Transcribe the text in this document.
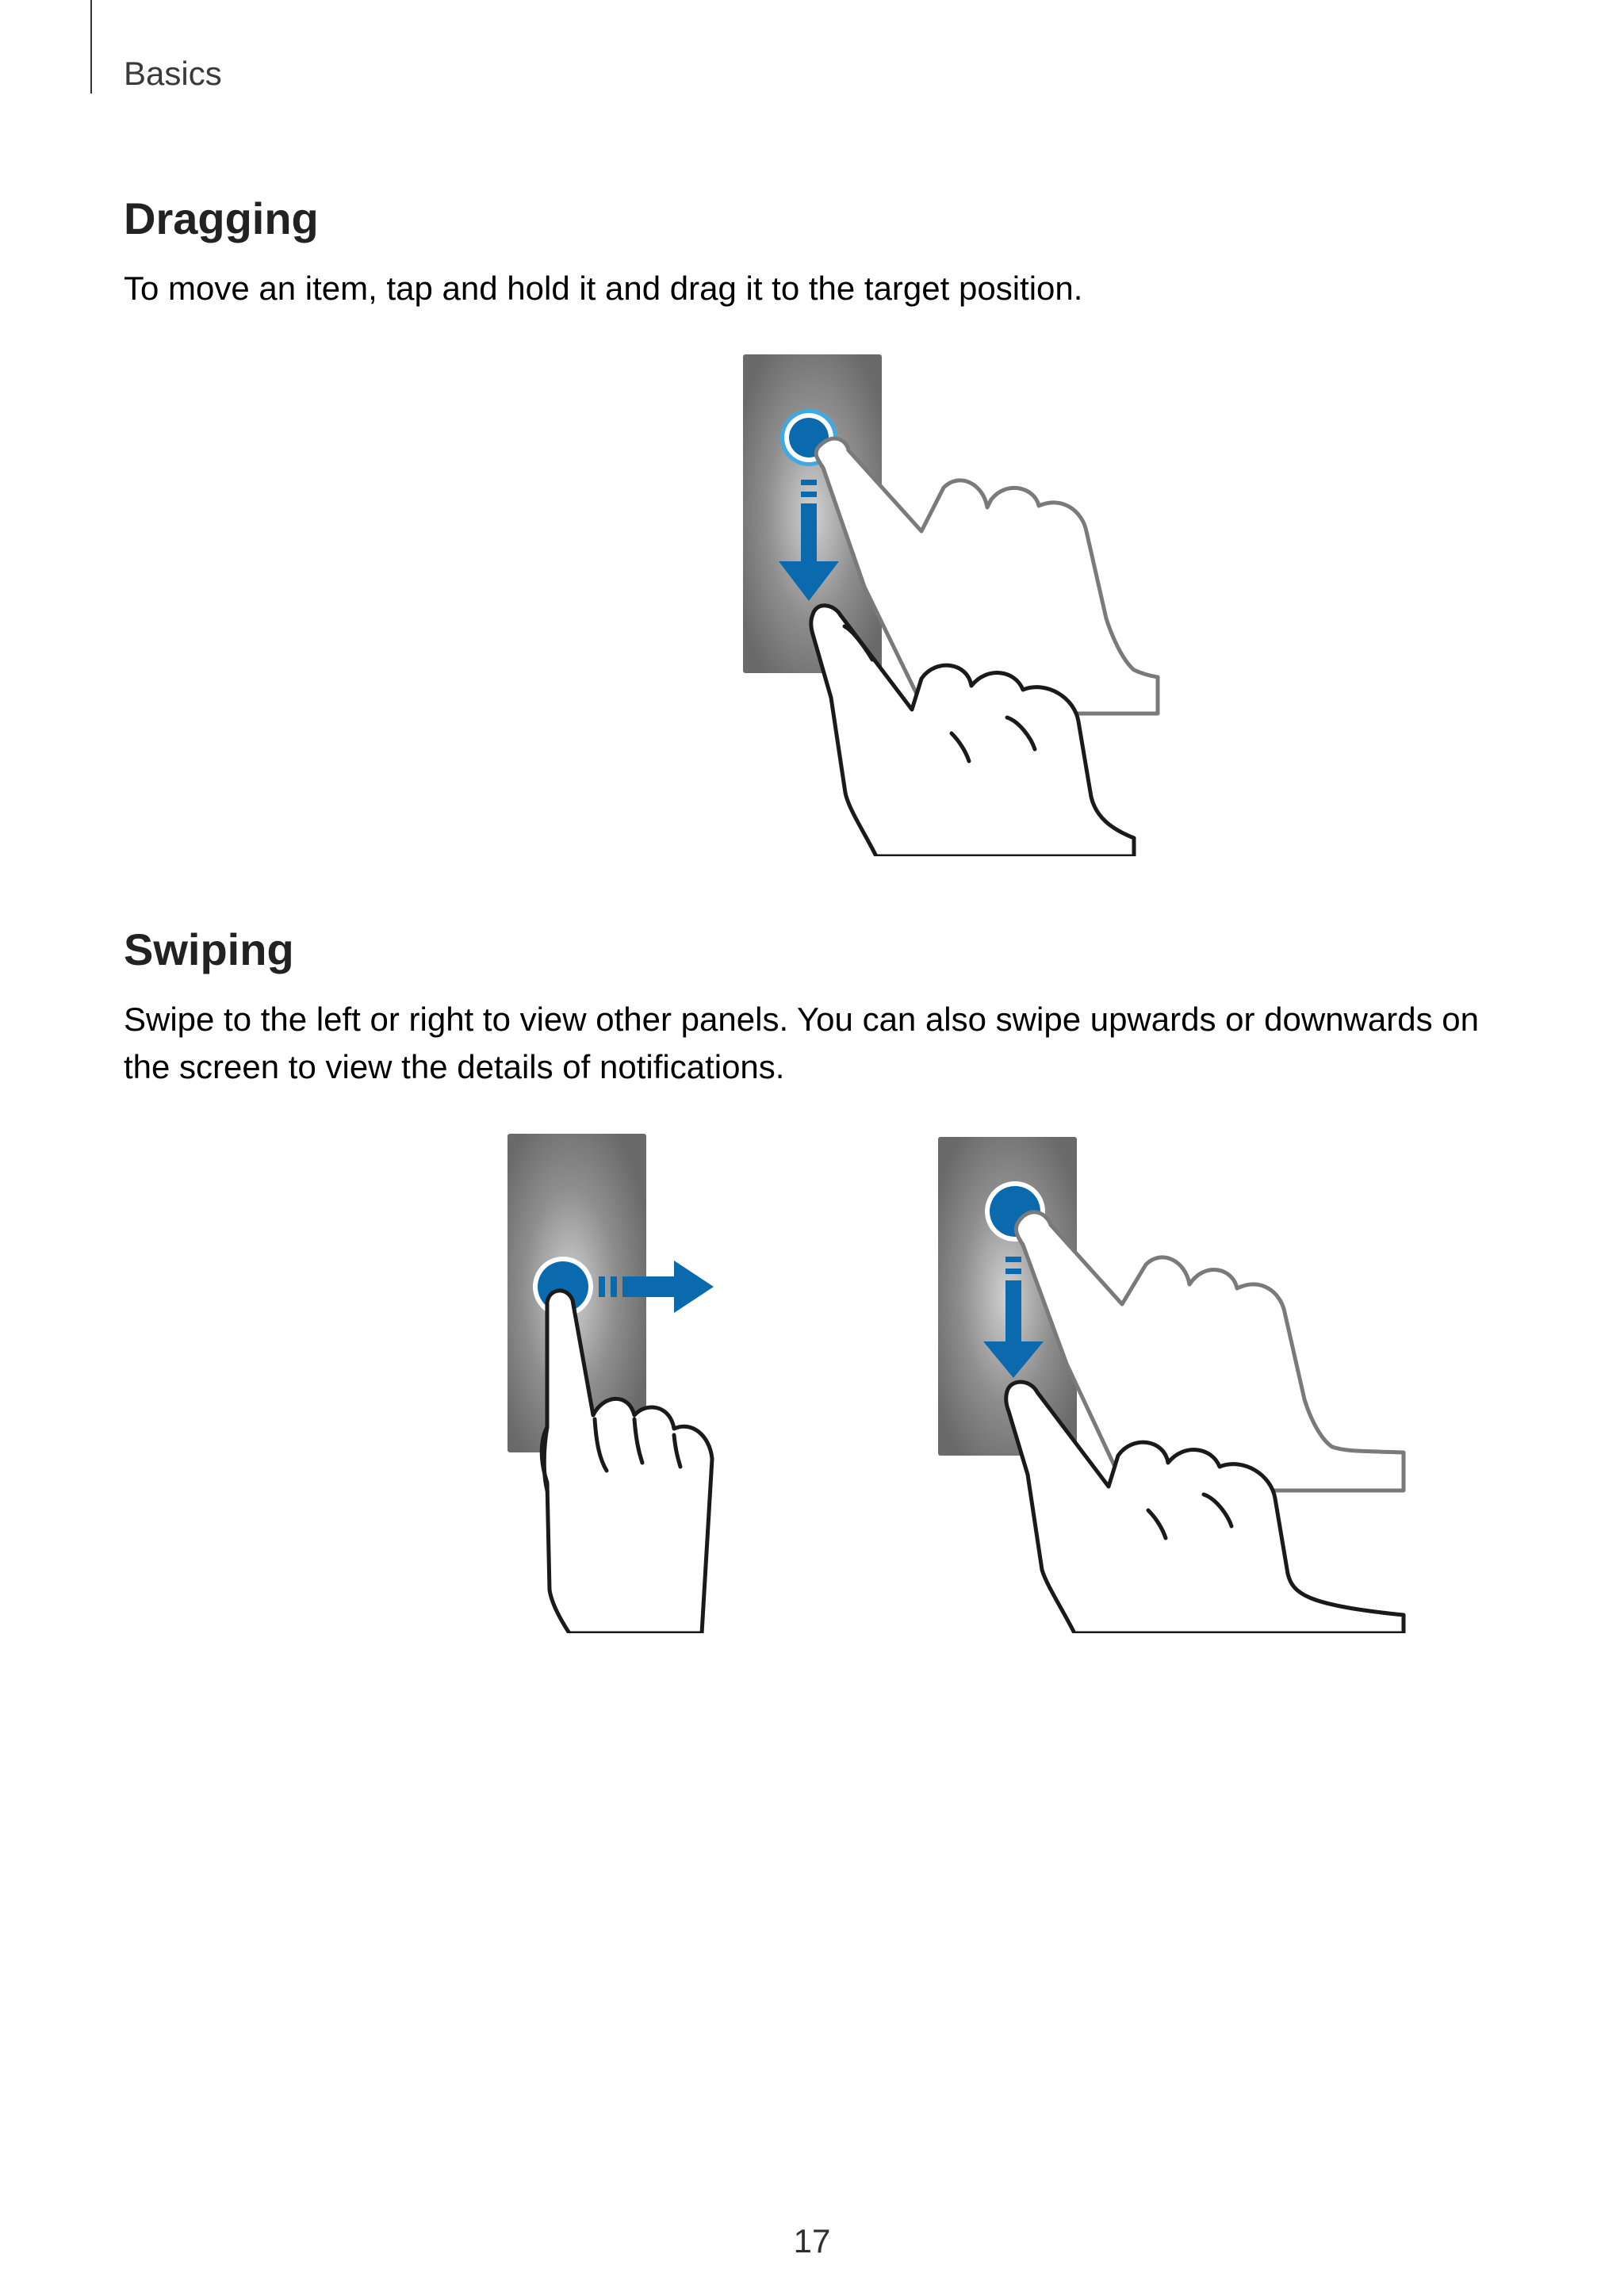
Basics
Dragging
To move an item, tap and hold it and drag it to the target position.
Swiping
Swipe to the left or right to view other panels. You can also swipe upwards or downwards on
the screen to view the details of notifications.
17
